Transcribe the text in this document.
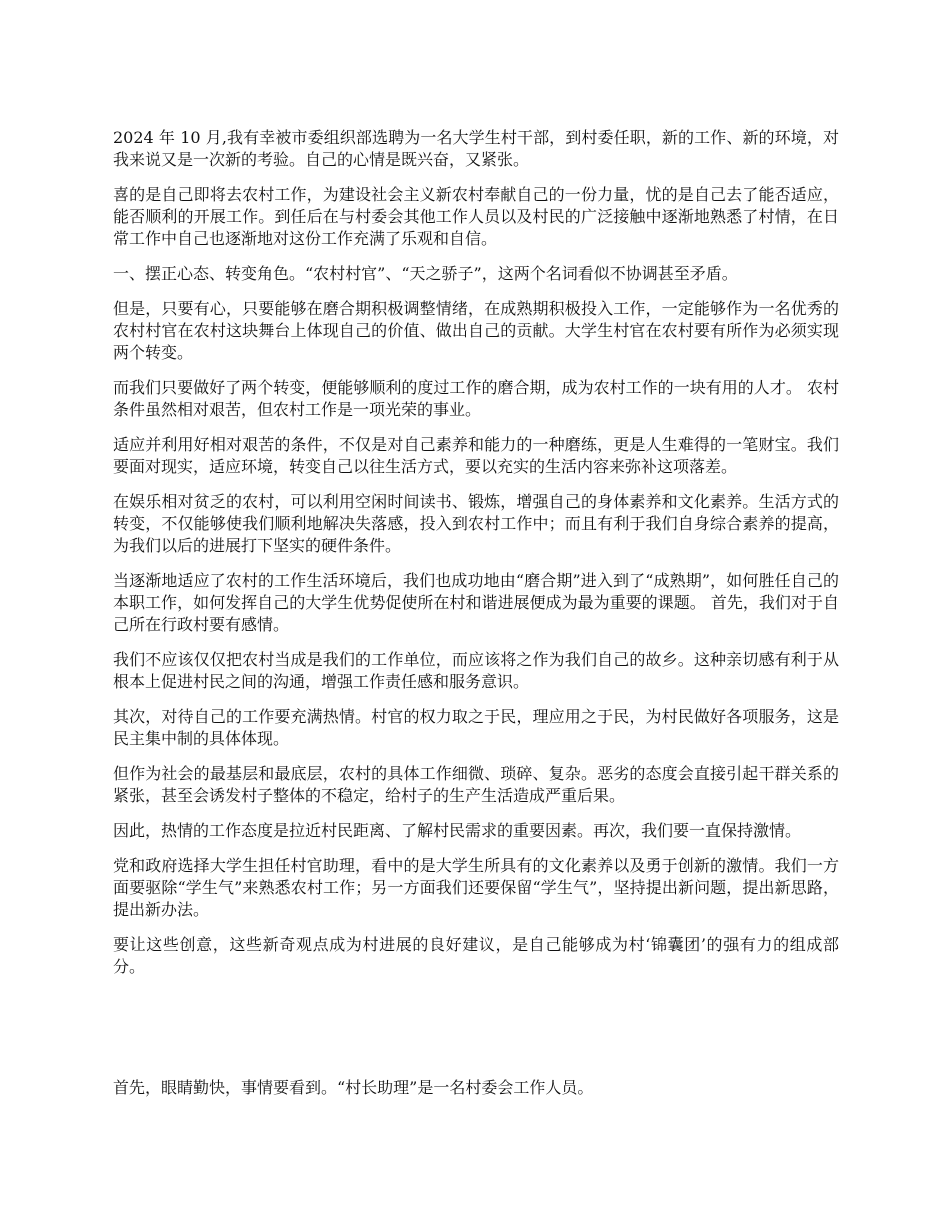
2024 年 10 月,我有幸被市委组织部选聘为一名大学生村干部，到村委任职，新的工作、新的环境，对我来说又是一次新的考验。自己的心情是既兴奋，又紧张。

喜的是自己即将去农村工作，为建设社会主义新农村奉献自己的一份力量，忧的是自己去了能否适应，能否顺利的开展工作。到任后在与村委会其他工作人员以及村民的广泛接触中逐渐地熟悉了村情，在日常工作中自己也逐渐地对这份工作充满了乐观和自信。

一、摆正心态、转变角色。“农村村官”、“天之骄子”，这两个名词看似不协调甚至矛盾。

但是，只要有心，只要能够在磨合期积极调整情绪，在成熟期积极投入工作，一定能够作为一名优秀的农村村官在农村这块舞台上体现自己的价值、做出自己的贡献。大学生村官在农村要有所作为必须实现两个转变。

而我们只要做好了两个转变，便能够顺利的度过工作的磨合期，成为农村工作的一块有用的人才。 农村条件虽然相对艰苦，但农村工作是一项光荣的事业。

适应并利用好相对艰苦的条件，不仅是对自己素养和能力的一种磨练，更是人生难得的一笔财宝。我们要面对现实，适应环境，转变自己以往生活方式，要以充实的生活内容来弥补这项落差。

在娱乐相对贫乏的农村，可以利用空闲时间读书、锻炼，增强自己的身体素养和文化素养。生活方式的转变，不仅能够使我们顺利地解决失落感，投入到农村工作中；而且有利于我们自身综合素养的提高，为我们以后的进展打下坚实的硬件条件。

当逐渐地适应了农村的工作生活环境后，我们也成功地由“磨合期”进入到了“成熟期”，如何胜任自己的本职工作，如何发挥自己的大学生优势促使所在村和谐进展便成为最为重要的课题。 首先，我们对于自己所在行政村要有感情。

我们不应该仅仅把农村当成是我们的工作单位，而应该将之作为我们自己的故乡。这种亲切感有利于从根本上促进村民之间的沟通，增强工作责任感和服务意识。

其次，对待自己的工作要充满热情。村官的权力取之于民，理应用之于民，为村民做好各项服务，这是民主集中制的具体体现。

但作为社会的最基层和最底层，农村的具体工作细微、琐碎、复杂。恶劣的态度会直接引起干群关系的紧张，甚至会诱发村子整体的不稳定，给村子的生产生活造成严重后果。

因此，热情的工作态度是拉近村民距离、了解村民需求的重要因素。再次，我们要一直保持激情。

党和政府选择大学生担任村官助理，看中的是大学生所具有的文化素养以及勇于创新的激情。我们一方面要驱除“学生气”来熟悉农村工作；另一方面我们还要保留“学生气”，坚持提出新问题，提出新思路，提出新办法。

要让这些创意，这些新奇观点成为村进展的良好建议，是自己能够成为村‘锦囊团’的强有力的组成部分。

首先，眼睛勤快，事情要看到。“村长助理”是一名村委会工作人员。
